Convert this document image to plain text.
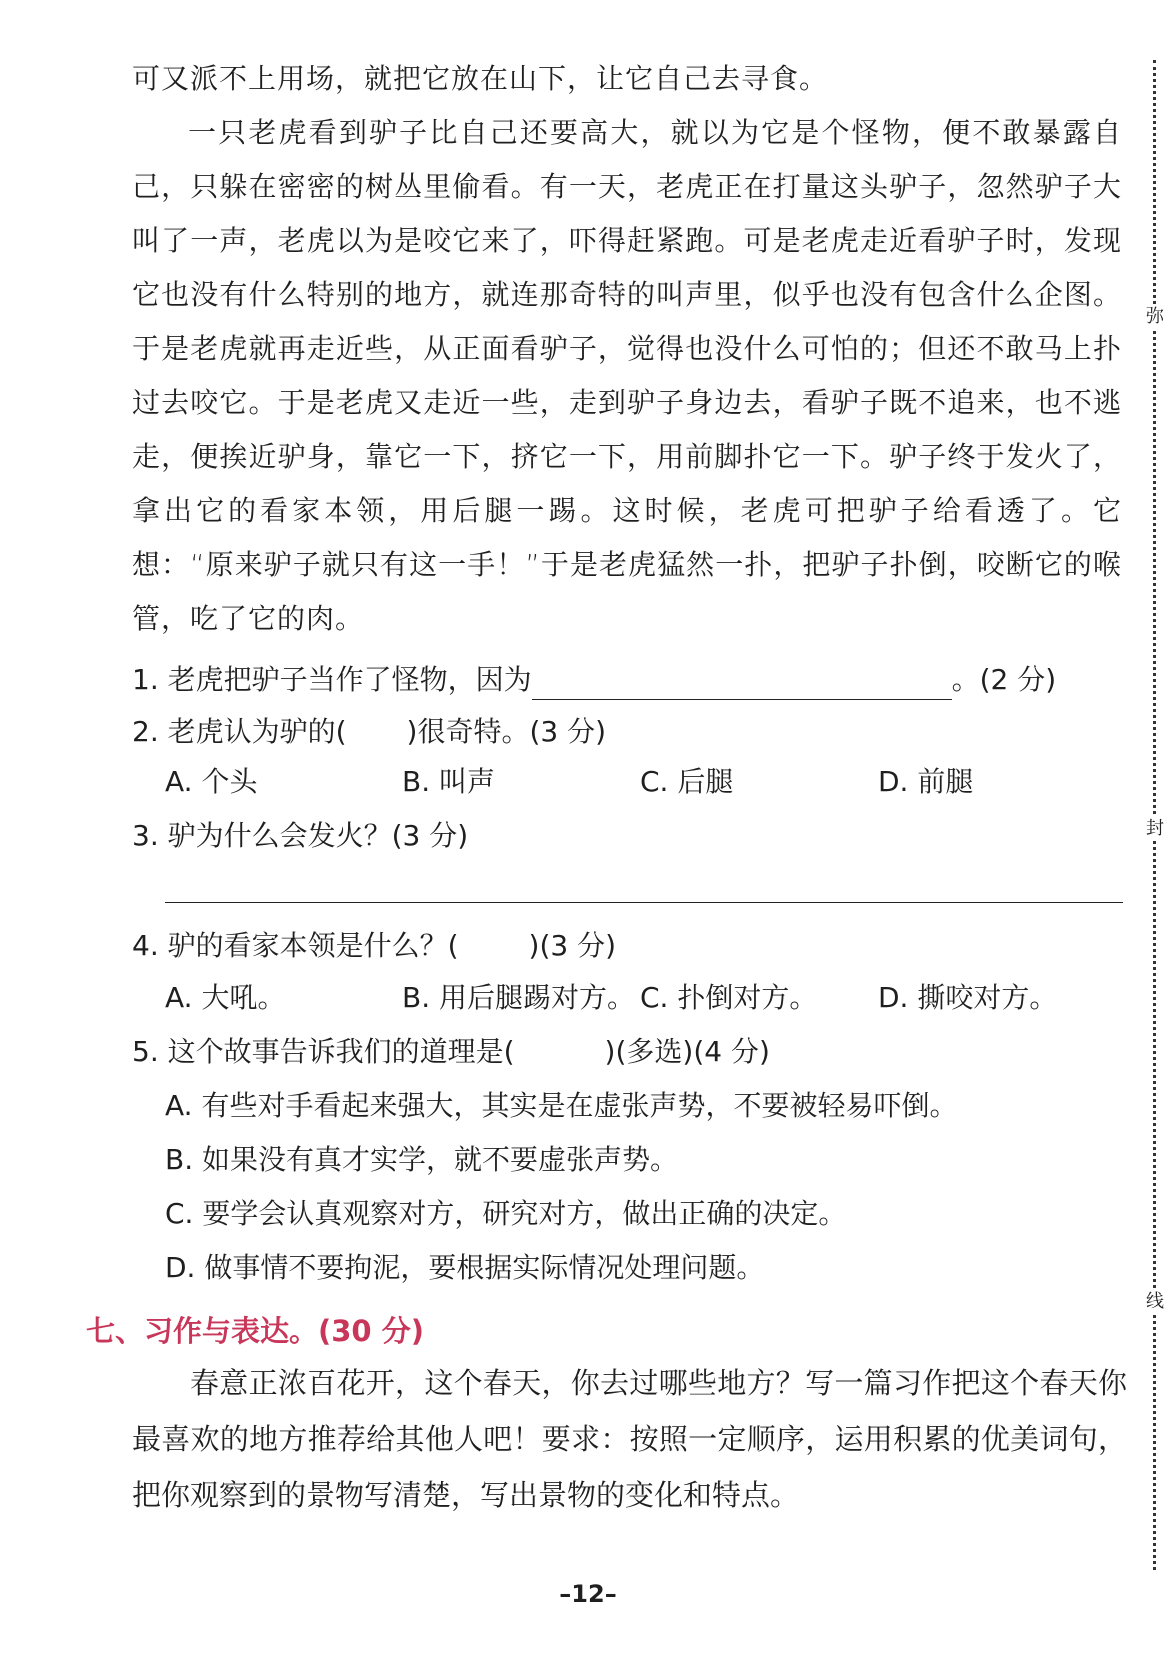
可又派不上用场，就把它放在山下，让它自己去寻食。

一只老虎看到驴子比自己还要高大，就以为它是个怪物，便不敢暴露自己，只躲在密密的树丛里偷看。有一天，老虎正在打量这头驴子，忽然驴子大叫了一声，老虎以为是咬它来了，吓得赶紧跑。可是老虎走近看驴子时，发现它也没有什么特别的地方，就连那奇特的叫声里，似乎也没有包含什么企图。于是老虎就再走近些，从正面看驴子，觉得也没什么可怕的；但还不敢马上扑过去咬它。于是老虎又走近一些，走到驴子身边去，看驴子既不追来，也不逃走，便挨近驴身，靠它一下，挤它一下，用前脚扑它一下。驴子终于发火了，拿出它的看家本领，用后腿一踢。这时候，老虎可把驴子给看透了。它想：“原来驴子就只有这一手！”于是老虎猛然一扑，把驴子扑倒，咬断它的喉管，吃了它的肉。

1. 老虎把驴子当作了怪物，因为	。(2 分)
2. 老虎认为驴的( )很奇特。(3 分)
A. 个头	B. 叫声	C. 后腿	D. 前腿
3. 驴为什么会发火？(3 分)
4. 驴的看家本领是什么？(	)(3 分)
A. 大吼。	B. 用后腿踢对方。 C. 扑倒对方。 D. 撕咬对方。
5. 这个故事告诉我们的道理是(	)(多选)(4 分)
A. 有些对手看起来强大，其实是在虚张声势，不要被轻易吓倒。
B. 如果没有真才实学，就不要虚张声势。
C. 要学会认真观察对方，研究对方，做出正确的决定。
D. 做事情不要拘泥，要根据实际情况处理问题。
七、习作与表达。(30 分)

春意正浓百花开，这个春天，你去过哪些地方？写一篇习作把这个春天你最喜欢的地方推荐给其他人吧！要求：按照一定顺序，运用积累的优美词句，把你观察到的景物写清楚，写出景物的变化和特点。

弥
封
线
–12–
